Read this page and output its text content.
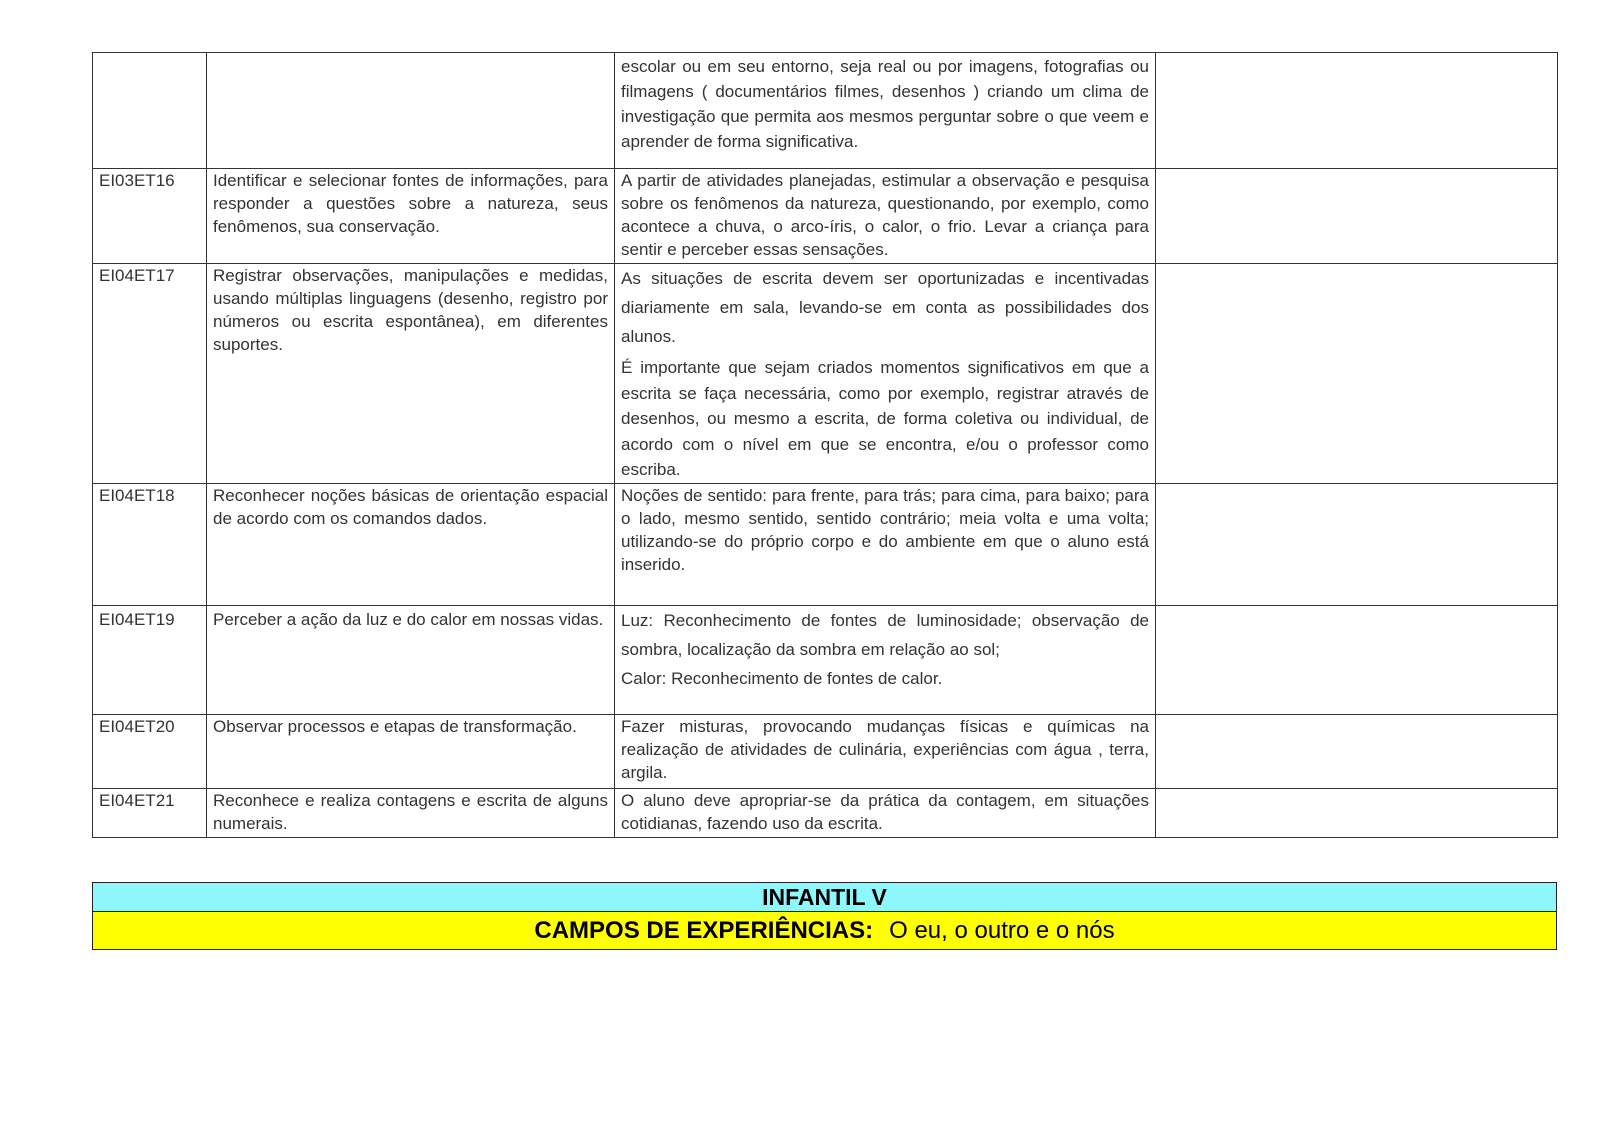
		escolar ou em seu entorno, seja real ou por imagens, fotografias ou filmagens ( documentários filmes, desenhos ) criando um clima de investigação que permita aos mesmos perguntar sobre o que veem e aprender de forma significativa.	

EI03ET16	Identificar e selecionar fontes de informações, para responder a questões sobre a natureza, seus fenômenos, sua conservação.	A partir de atividades planejadas, estimular a observação e pesquisa sobre os fenômenos da natureza, questionando, por exemplo, como acontece a chuva, o arco-íris, o calor, o frio. Levar a criança para sentir e perceber essas sensações.	

EI04ET17	Registrar observações, manipulações e medidas, usando múltiplas linguagens (desenho, registro por números ou escrita espontânea), em diferentes suportes.	As situações de escrita devem ser oportunizadas e incentivadas diariamente em sala, levando-se em conta as possibilidades dos alunos.

É importante que sejam criados momentos significativos em que a escrita se faça necessária, como por exemplo, registrar através de desenhos, ou mesmo a escrita, de forma coletiva ou individual, de acordo com o nível em que se encontra, e/ou o professor como escriba.	

EI04ET18	Reconhecer noções básicas de orientação espacial de acordo com os comandos dados.	Noções de sentido: para frente, para trás; para cima, para baixo; para o lado, mesmo sentido, sentido contrário; meia volta e uma volta; utilizando-se do próprio corpo e do ambiente em que o aluno está inserido.	

EI04ET19	Perceber a ação da luz e do calor em nossas vidas.	Luz: Reconhecimento de fontes de luminosidade; observação de sombra, localização da sombra em relação ao sol;

Calor: Reconhecimento de fontes de calor.	

EI04ET20	Observar processos e etapas de transformação.	Fazer misturas, provocando mudanças físicas e químicas na realização de atividades de culinária, experiências com água , terra, argila.	

EI04ET21	Reconhece e realiza contagens e escrita de alguns numerais.	O aluno deve apropriar-se da prática da contagem, em situações cotidianas, fazendo uso da escrita.	

INFANTIL V
CAMPOS DE EXPERIÊNCIAS: O eu, o outro e o nós
